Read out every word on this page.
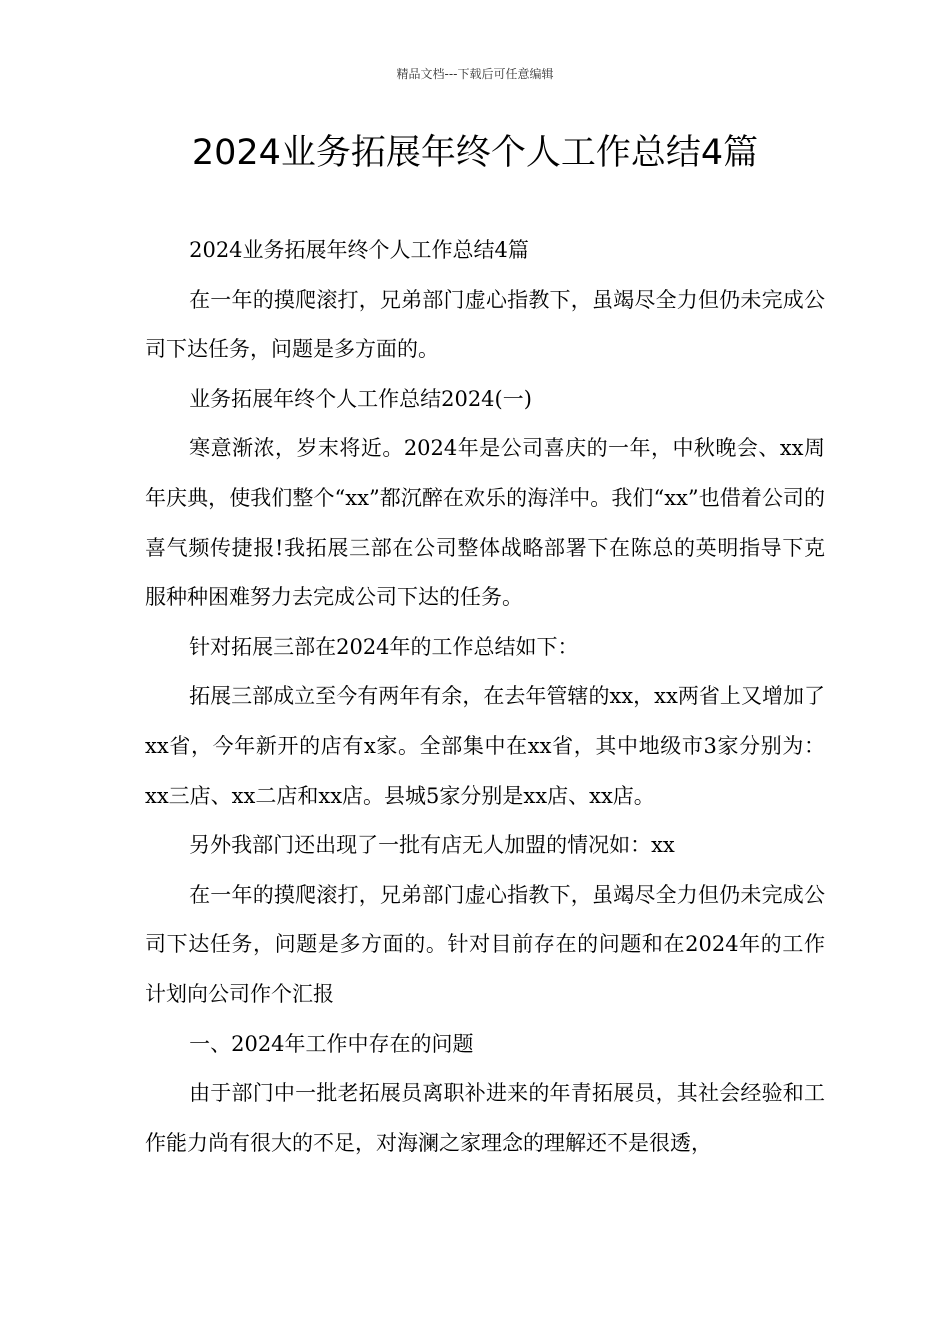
精品文档---下载后可任意编辑
2024业务拓展年终个人工作总结4篇

2024业务拓展年终个人工作总结4篇

在一年的摸爬滚打，兄弟部门虚心指教下，虽竭尽全力但仍未完成公司下达任务，问题是多方面的。

业务拓展年终个人工作总结2024(一)

寒意渐浓，岁末将近。2024年是公司喜庆的一年，中秋晚会、xx周年庆典，使我们整个“xx”都沉醉在欢乐的海洋中。我们“xx”也借着公司的喜气频传捷报!我拓展三部在公司整体战略部署下在陈总的英明指导下克服种种困难努力去完成公司下达的任务。

针对拓展三部在2024年的工作总结如下：

拓展三部成立至今有两年有余，在去年管辖的xx，xx两省上又增加了xx省，今年新开的店有x家。全部集中在xx省，其中地级市3家分别为：xx三店、xx二店和xx店。县城5家分别是xx店、xx店。

另外我部门还出现了一批有店无人加盟的情况如：xx

在一年的摸爬滚打，兄弟部门虚心指教下，虽竭尽全力但仍未完成公司下达任务，问题是多方面的。针对目前存在的问题和在2024年的工作计划向公司作个汇报

一、2024年工作中存在的问题

由于部门中一批老拓展员离职补进来的年青拓展员，其社会经验和工作能力尚有很大的不足，对海澜之家理念的理解还不是很透，
